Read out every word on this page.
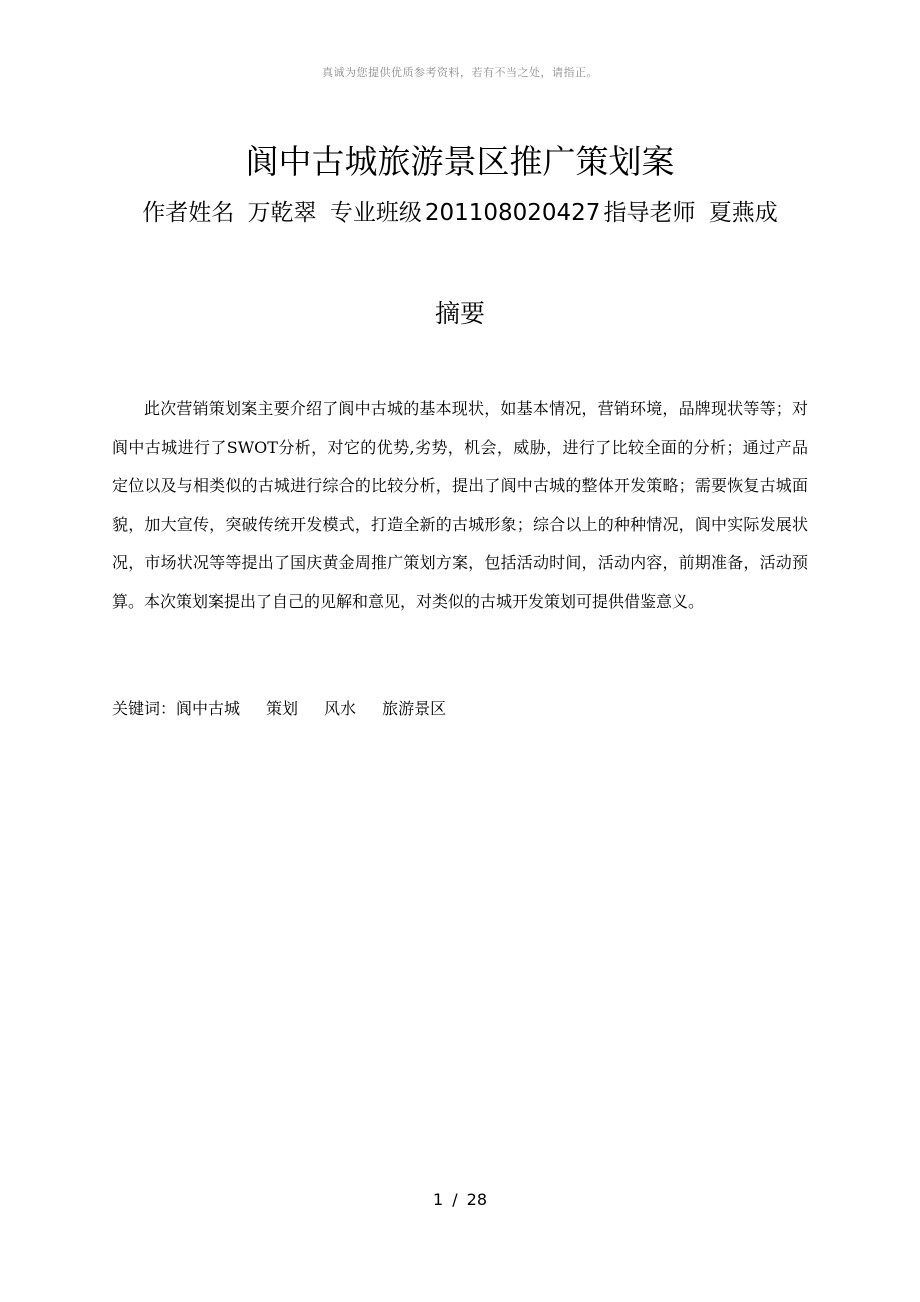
真诚为您提供优质参考资料，若有不当之处，请指正。
阆中古城旅游景区推广策划案
作者姓名 万乾翠 专业班级 201108020427 指导老师 夏燕成
摘要

此次营销策划案主要介绍了阆中古城的基本现状，如基本情况，营销环境，品牌现状等等；对阆中古城进行了SWOT分析，对它的优势,劣势，机会，威胁，进行了比较全面的分析；通过产品定位以及与相类似的古城进行综合的比较分析，提出了阆中古城的整体开发策略；需要恢复古城面貌，加大宣传，突破传统开发模式，打造全新的古城形象；综合以上的种种情况，阆中实际发展状况，市场状况等等提出了国庆黄金周推广策划方案，包括活动时间，活动内容，前期准备，活动预算。本次策划案提出了自己的见解和意见，对类似的古城开发策划可提供借鉴意义。

关键词：阆中古城 策划 风水 旅游景区
1 / 28
